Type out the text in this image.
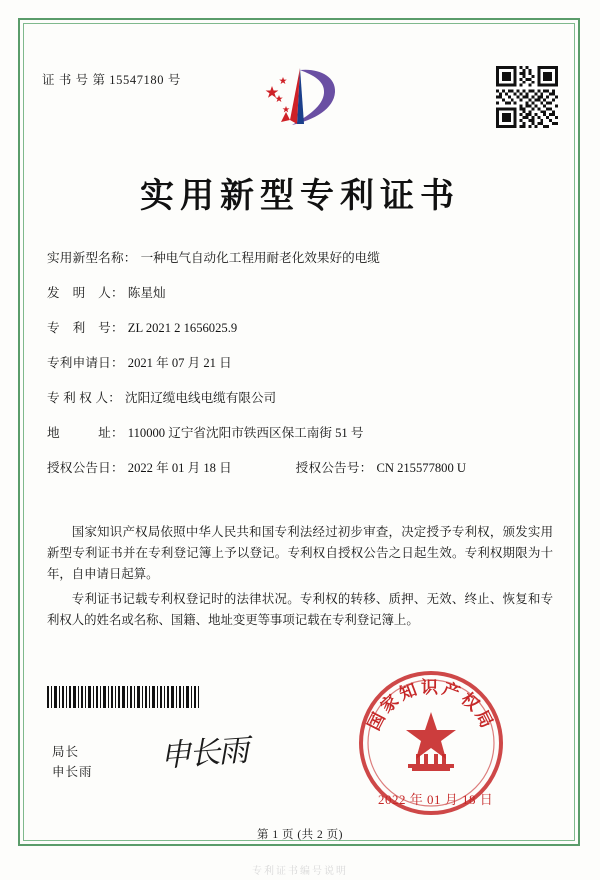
证 书 号 第 15547180 号
实用新型专利证书
实用新型名称： 一种电气自动化工程用耐老化效果好的电缆
发　明　人： 陈星灿
专　利　号： ZL 2021 2 1656025.9
专利申请日： 2021 年 07 月 21 日
专 利 权 人： 沈阳辽缆电线电缆有限公司
地　　　址： 110000 辽宁省沈阳市铁西区保工南街 51 号
授权公告日： 2022 年 01 月 18 日	授权公告号： CN 215577800 U

国家知识产权局依照中华人民共和国专利法经过初步审查，决定授予专利权，颁发实用新型专利证书并在专利登记簿上予以登记。专利权自授权公告之日起生效。专利权期限为十年，自申请日起算。

专利证书记载专利权登记时的法律状况。专利权的转移、质押、无效、终止、恢复和专利权人的姓名或名称、国籍、地址变更等事项记载在专利登记簿上。

局长
申长雨 申长雨
国家知识产权局
2022 年 01 月 18 日
第 1 页 (共 2 页)
专利证书编号说明
